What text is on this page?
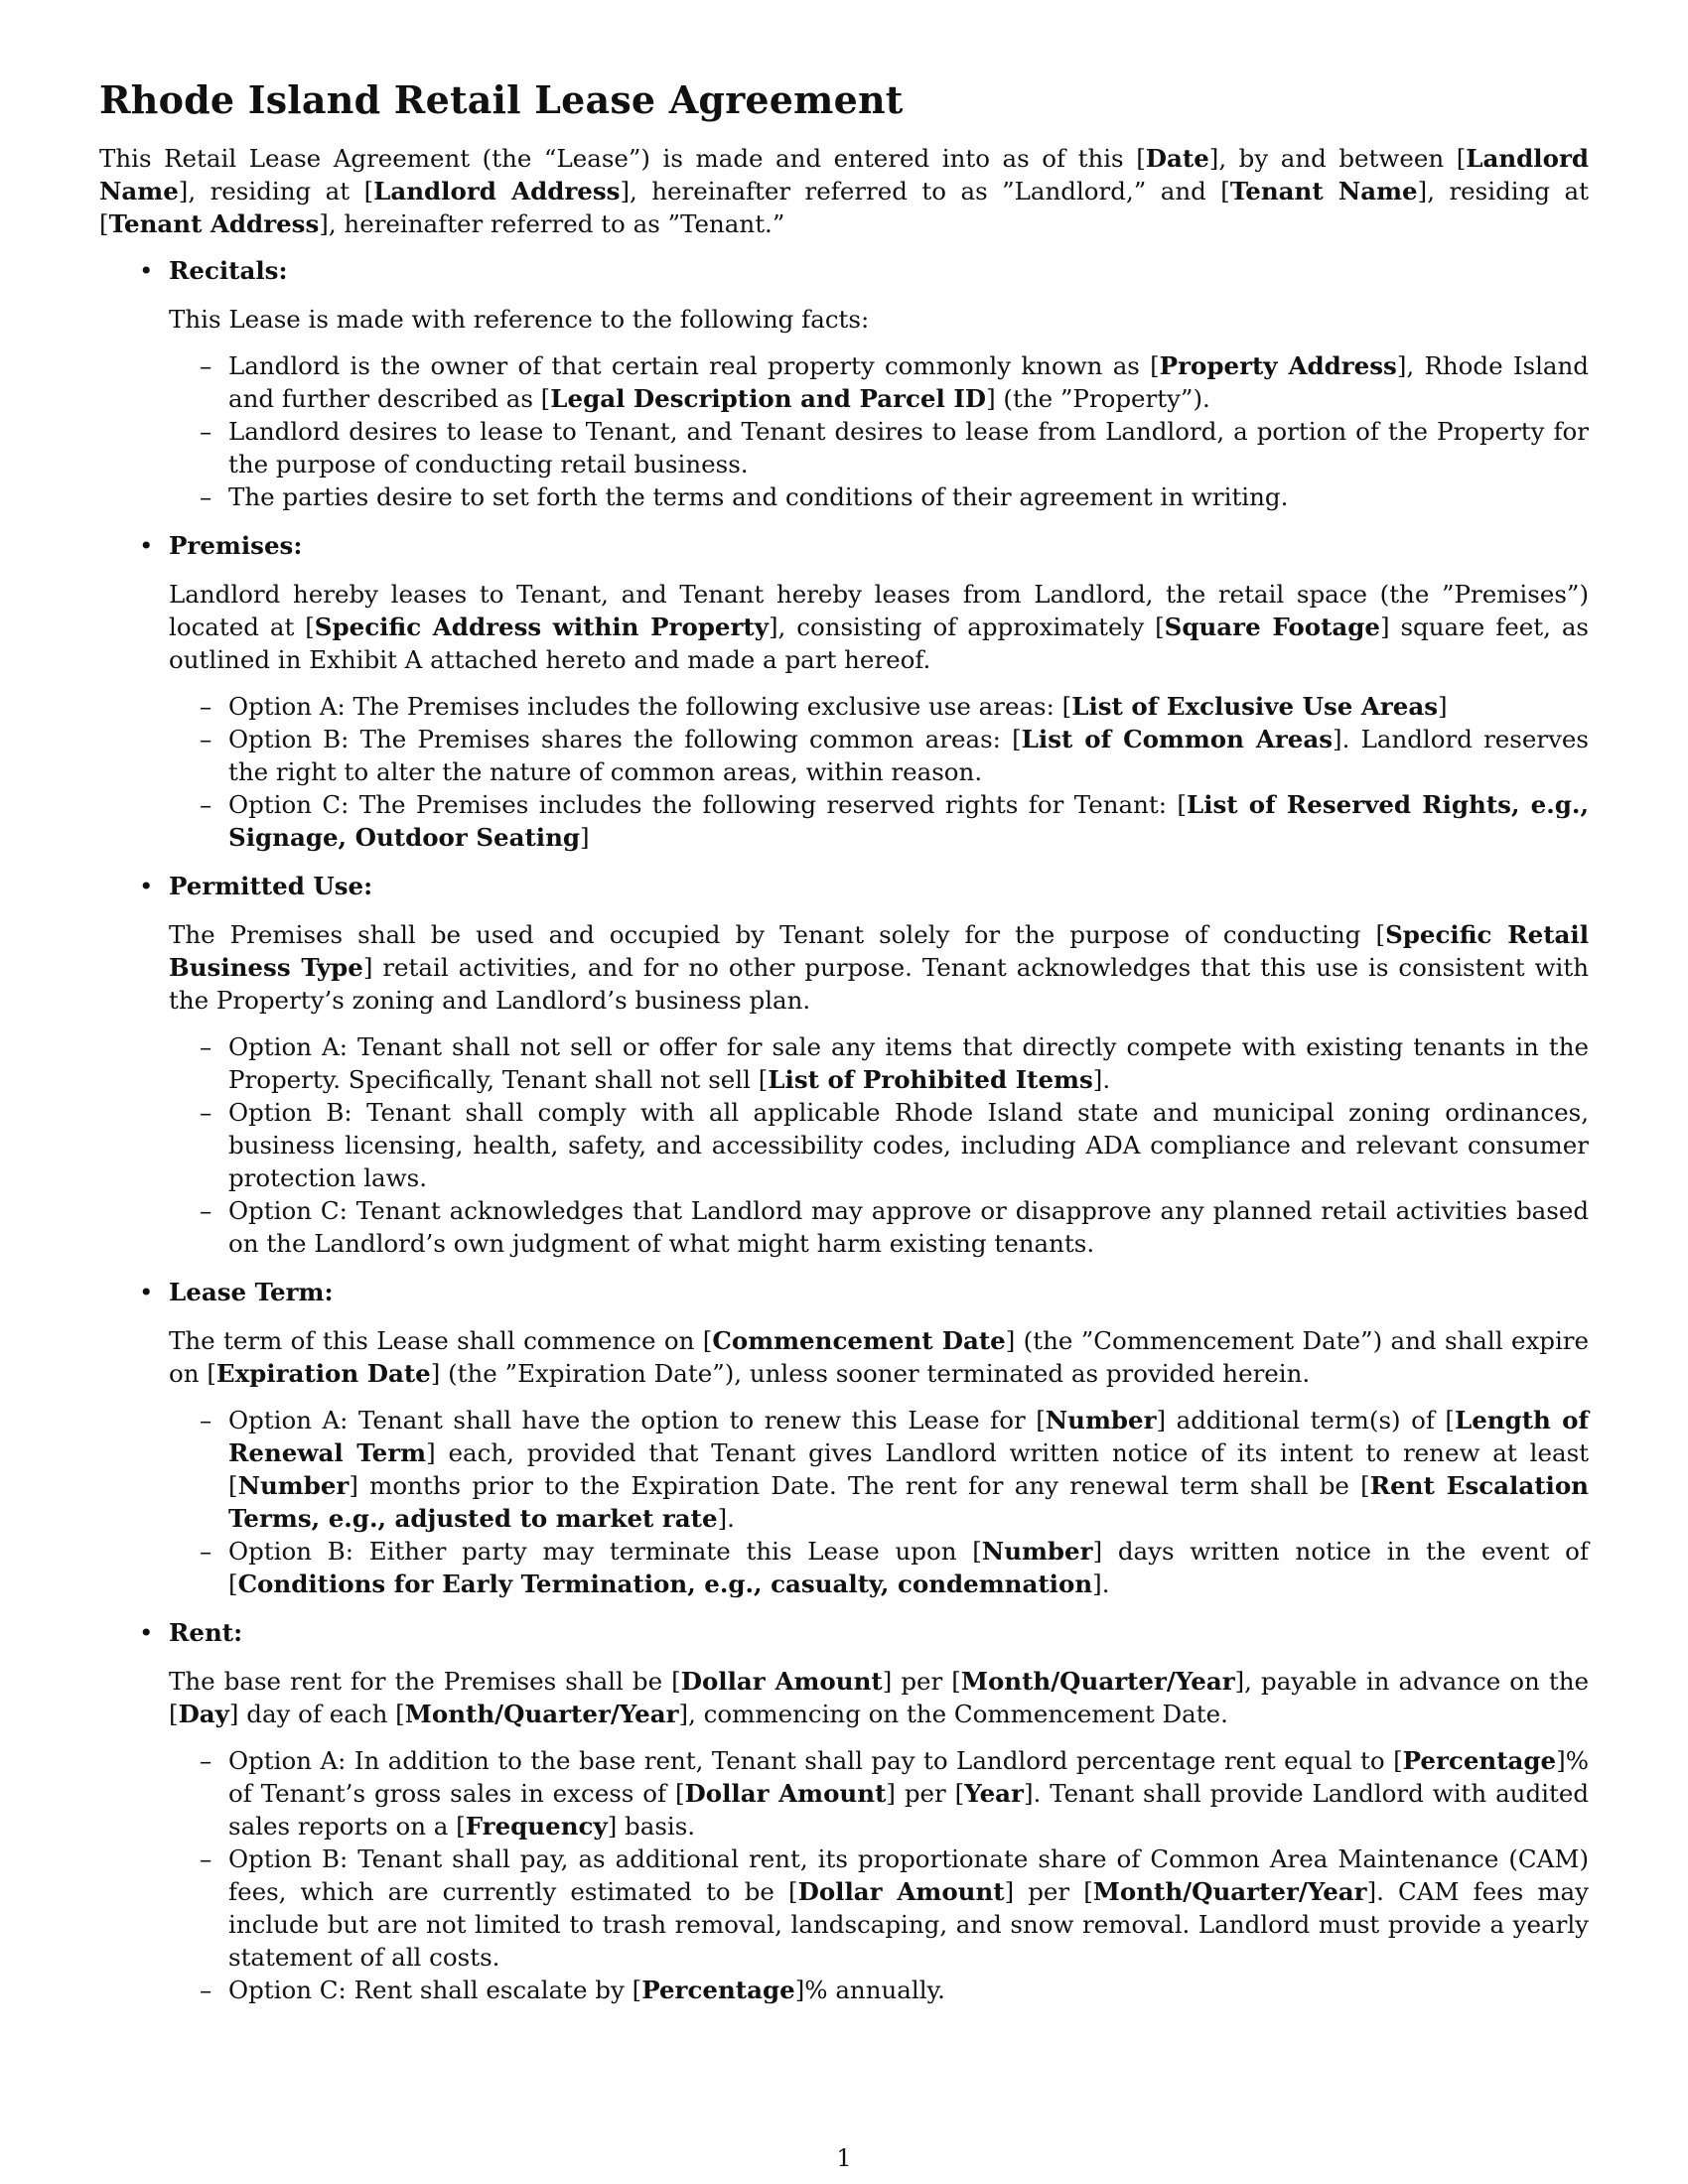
Rhode Island Retail Lease Agreement

This Retail Lease Agreement (the “Lease”) is made and entered into as of this [Date], by and between [Landlord Name], residing at [Landlord Address], hereinafter referred to as ”Landlord,” and [Tenant Name], residing at [Tenant Address], hereinafter referred to as ”Tenant.”

• Recitals:

This Lease is made with reference to the following facts:

– Landlord is the owner of that certain real property commonly known as [Property Address], Rhode Island and further described as [Legal Description and Parcel ID] (the ”Property”).
– Landlord desires to lease to Tenant, and Tenant desires to lease from Landlord, a portion of the Property for the purpose of conducting retail business.
– The parties desire to set forth the terms and conditions of their agreement in writing.
• Premises:

Landlord hereby leases to Tenant, and Tenant hereby leases from Landlord, the retail space (the ”Premises”) located at [Specific Address within Property], consisting of approximately [Square Footage] square feet, as outlined in Exhibit A attached hereto and made a part hereof.

– Option A: The Premises includes the following exclusive use areas: [List of Exclusive Use Areas]
– Option B: The Premises shares the following common areas: [List of Common Areas]. Landlord reserves the right to alter the nature of common areas, within reason.
– Option C: The Premises includes the following reserved rights for Tenant: [List of Reserved Rights, e.g., Signage, Outdoor Seating]
• Permitted Use:

The Premises shall be used and occupied by Tenant solely for the purpose of conducting [Specific Retail Business Type] retail activities, and for no other purpose. Tenant acknowledges that this use is consistent with the Property’s zoning and Landlord’s business plan.

– Option A: Tenant shall not sell or offer for sale any items that directly compete with existing tenants in the Property. Specifically, Tenant shall not sell [List of Prohibited Items].
– Option B: Tenant shall comply with all applicable Rhode Island state and municipal zoning ordinances, business licensing, health, safety, and accessibility codes, including ADA compliance and relevant consumer protection laws.
– Option C: Tenant acknowledges that Landlord may approve or disapprove any planned retail activities based on the Landlord’s own judgment of what might harm existing tenants.
• Lease Term:

The term of this Lease shall commence on [Commencement Date] (the ”Commencement Date”) and shall expire on [Expiration Date] (the ”Expiration Date”), unless sooner terminated as provided herein.

– Option A: Tenant shall have the option to renew this Lease for [Number] additional term(s) of [Length of Renewal Term] each, provided that Tenant gives Landlord written notice of its intent to renew at least [Number] months prior to the Expiration Date. The rent for any renewal term shall be [Rent Escalation Terms, e.g., adjusted to market rate].
– Option B: Either party may terminate this Lease upon [Number] days written notice in the event of [Conditions for Early Termination, e.g., casualty, condemnation].
• Rent:

The base rent for the Premises shall be [Dollar Amount] per [Month/Quarter/Year], payable in advance on the [Day] day of each [Month/Quarter/Year], commencing on the Commencement Date.

– Option A: In addition to the base rent, Tenant shall pay to Landlord percentage rent equal to [Percentage]% of Tenant’s gross sales in excess of [Dollar Amount] per [Year]. Tenant shall provide Landlord with audited sales reports on a [Frequency] basis.
– Option B: Tenant shall pay, as additional rent, its proportionate share of Common Area Maintenance (CAM) fees, which are currently estimated to be [Dollar Amount] per [Month/Quarter/Year]. CAM fees may include but are not limited to trash removal, landscaping, and snow removal. Landlord must provide a yearly statement of all costs.
– Option C: Rent shall escalate by [Percentage]% annually.
1
